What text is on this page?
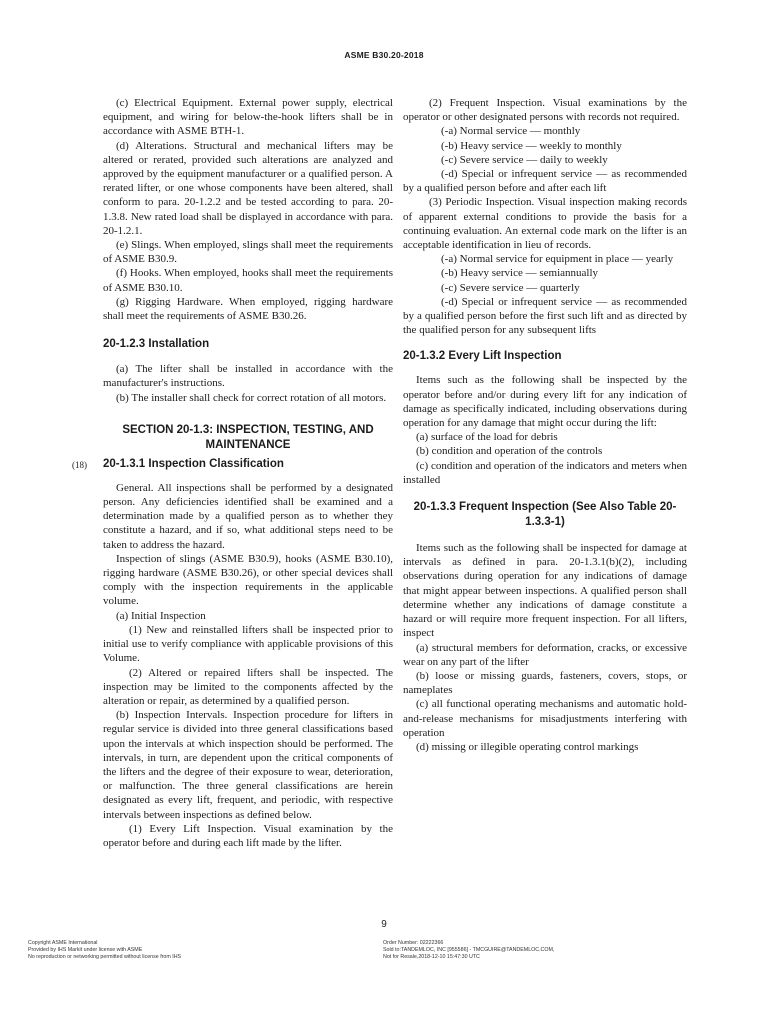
ASME B30.20-2018

(c) Electrical Equipment. External power supply, electrical equipment, and wiring for below-the-hook lifters shall be in accordance with ASME BTH-1.

(d) Alterations. Structural and mechanical lifters may be altered or rerated, provided such alterations are analyzed and approved by the equipment manufacturer or a qualified person. A rerated lifter, or one whose components have been altered, shall conform to para. 20-1.2.2 and be tested according to para. 20-1.3.8. New rated load shall be displayed in accordance with para. 20-1.2.1.

(e) Slings. When employed, slings shall meet the requirements of ASME B30.9.

(f) Hooks. When employed, hooks shall meet the requirements of ASME B30.10.

(g) Rigging Hardware. When employed, rigging hardware shall meet the requirements of ASME B30.26.

20-1.2.3 Installation

(a) The lifter shall be installed in accordance with the manufacturer's instructions.

(b) The installer shall check for correct rotation of all motors.

SECTION 20-1.3: INSPECTION, TESTING, AND
MAINTENANCE
(18) 20-1.3.1 Inspection Classification

General. All inspections shall be performed by a designated person. Any deficiencies identified shall be examined and a determination made by a qualified person as to whether they constitute a hazard, and if so, what additional steps need to be taken to address the hazard.

Inspection of slings (ASME B30.9), hooks (ASME B30.10), rigging hardware (ASME B30.26), or other special devices shall comply with the inspection requirements in the applicable volume.

(a) Initial Inspection

(1) New and reinstalled lifters shall be inspected prior to initial use to verify compliance with applicable provisions of this Volume.

(2) Altered or repaired lifters shall be inspected. The inspection may be limited to the components affected by the alteration or repair, as determined by a qualified person.

(b) Inspection Intervals. Inspection procedure for lifters in regular service is divided into three general classifications based upon the intervals at which inspection should be performed. The intervals, in turn, are dependent upon the critical components of the lifters and the degree of their exposure to wear, deterioration, or malfunction. The three general classifications are herein designated as every lift, frequent, and periodic, with respective intervals between inspections as defined below.

(1) Every Lift Inspection. Visual examination by the operator before and during each lift made by the lifter.

(2) Frequent Inspection. Visual examinations by the operator or other designated persons with records not required.

(-a) Normal service — monthly

(-b) Heavy service — weekly to monthly

(-c) Severe service — daily to weekly

(-d) Special or infrequent service — as recommended by a qualified person before and after each lift

(3) Periodic Inspection. Visual inspection making records of apparent external conditions to provide the basis for a continuing evaluation. An external code mark on the lifter is an acceptable identification in lieu of records.

(-a) Normal service for equipment in place — yearly

(-b) Heavy service — semiannually

(-c) Severe service — quarterly

(-d) Special or infrequent service — as recommended by a qualified person before the first such lift and as directed by the qualified person for any subsequent lifts

20-1.3.2 Every Lift Inspection

Items such as the following shall be inspected by the operator before and/or during every lift for any indication of damage as specifically indicated, including observations during operation for any damage that might occur during the lift:

(a) surface of the load for debris

(b) condition and operation of the controls

(c) condition and operation of the indicators and meters when installed

20-1.3.3 Frequent Inspection (See Also Table 20-
1.3.3-1)

Items such as the following shall be inspected for damage at intervals as defined in para. 20-1.3.1(b)(2), including observations during operation for any indications of damage that might appear between inspections. A qualified person shall determine whether any indications of damage constitute a hazard or will require more frequent inspection. For all lifters, inspect

(a) structural members for deformation, cracks, or excessive wear on any part of the lifter

(b) loose or missing guards, fasteners, covers, stops, or nameplates

(c) all functional operating mechanisms and automatic hold-and-release mechanisms for misadjustments interfering with operation

(d) missing or illegible operating control markings

9
Copyright ASME International
Provided by IHS Markit under license with ASME
No reproduction or networking permitted without license from IHS
Order Number: 02222366
Sold to:TANDEMLOC, INC [955586] - TMCGUIRE@TANDEMLOC.COM,
Not for Resale,2018-12-10 15:47:30 UTC
